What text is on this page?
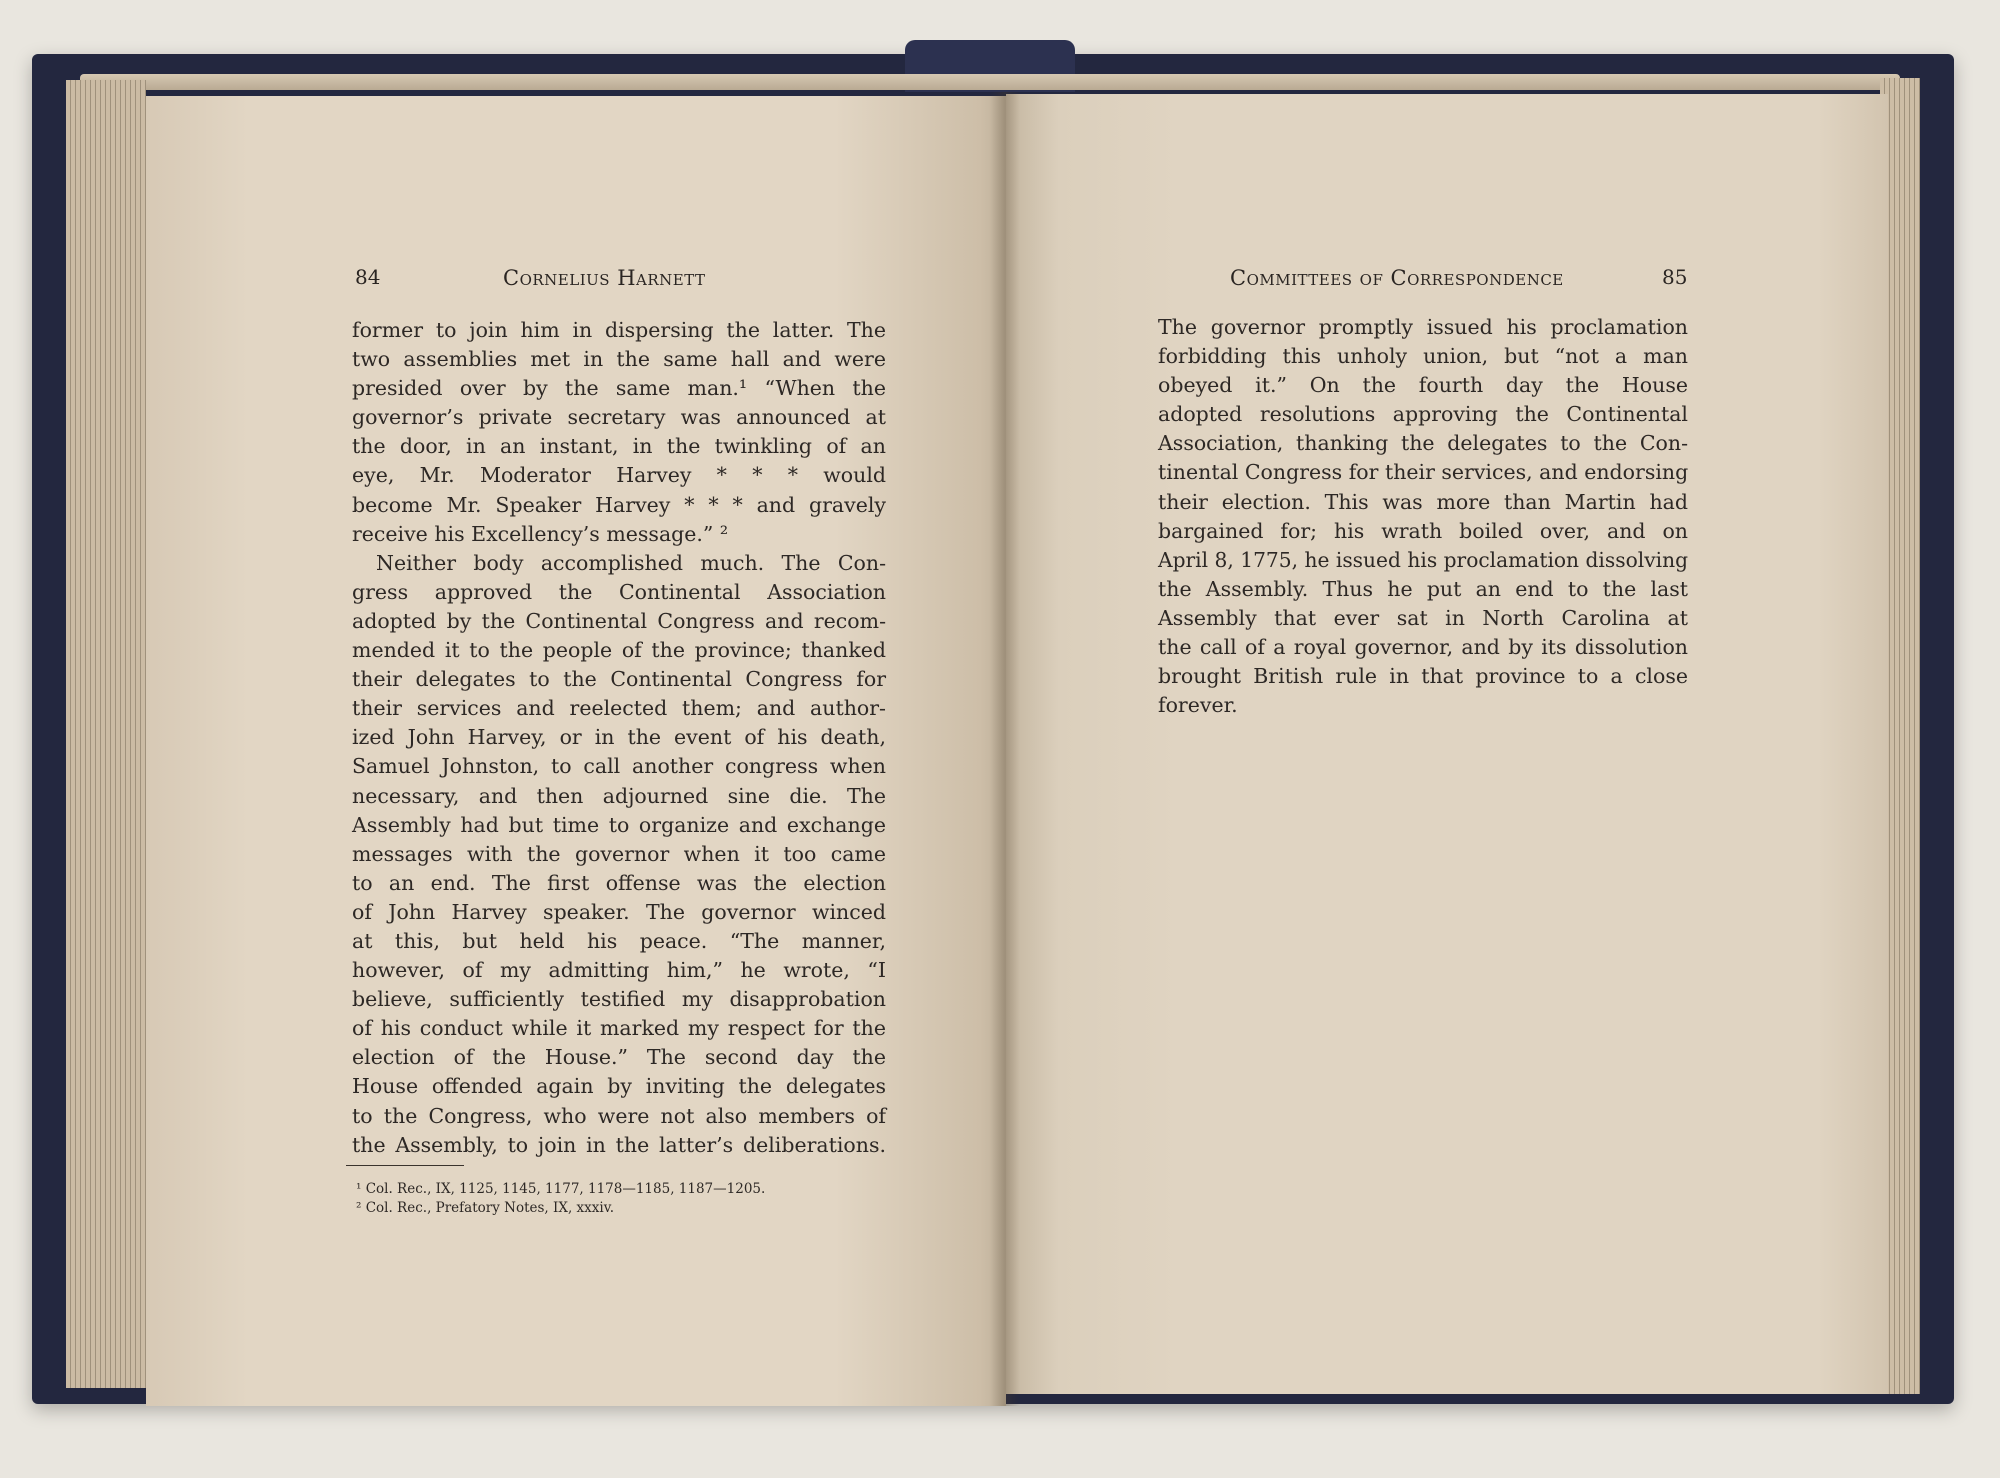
84	Cornelius Harnett
former to join him in dispersing the latter. The
two assemblies met in the same hall and were
presided over by the same man.¹ “When the
governor’s private secretary was announced at
the door, in an instant, in the twinkling of an
eye, Mr. Moderator Harvey * * * would
become Mr. Speaker Harvey * * * and gravely
receive his Excellency’s message.” ²
Neither body accomplished much. The Con-
gress approved the Continental Association
adopted by the Continental Congress and recom-
mended it to the people of the province; thanked
their delegates to the Continental Congress for
their services and reelected them; and author-
ized John Harvey, or in the event of his death,
Samuel Johnston, to call another congress when
necessary, and then adjourned sine die. The
Assembly had but time to organize and exchange
messages with the governor when it too came
to an end. The first offense was the election
of John Harvey speaker. The governor winced
at this, but held his peace. “The manner,
however, of my admitting him,” he wrote, “I
believe, sufficiently testified my disapprobation
of his conduct while it marked my respect for the
election of the House.” The second day the
House offended again by inviting the delegates
to the Congress, who were not also members of
the Assembly, to join in the latter’s deliberations.
¹ Col. Rec., IX, 1125, 1145, 1177, 1178—1185, 1187—1205.
² Col. Rec., Prefatory Notes, IX, xxxiv.
Committees of Correspondence	85
The governor promptly issued his proclamation
forbidding this unholy union, but “not a man
obeyed it.” On the fourth day the House
adopted resolutions approving the Continental
Association, thanking the delegates to the Con-
tinental Congress for their services, and endorsing
their election. This was more than Martin had
bargained for; his wrath boiled over, and on
April 8, 1775, he issued his proclamation dissolving
the Assembly. Thus he put an end to the last
Assembly that ever sat in North Carolina at
the call of a royal governor, and by its dissolution
brought British rule in that province to a close
forever.
